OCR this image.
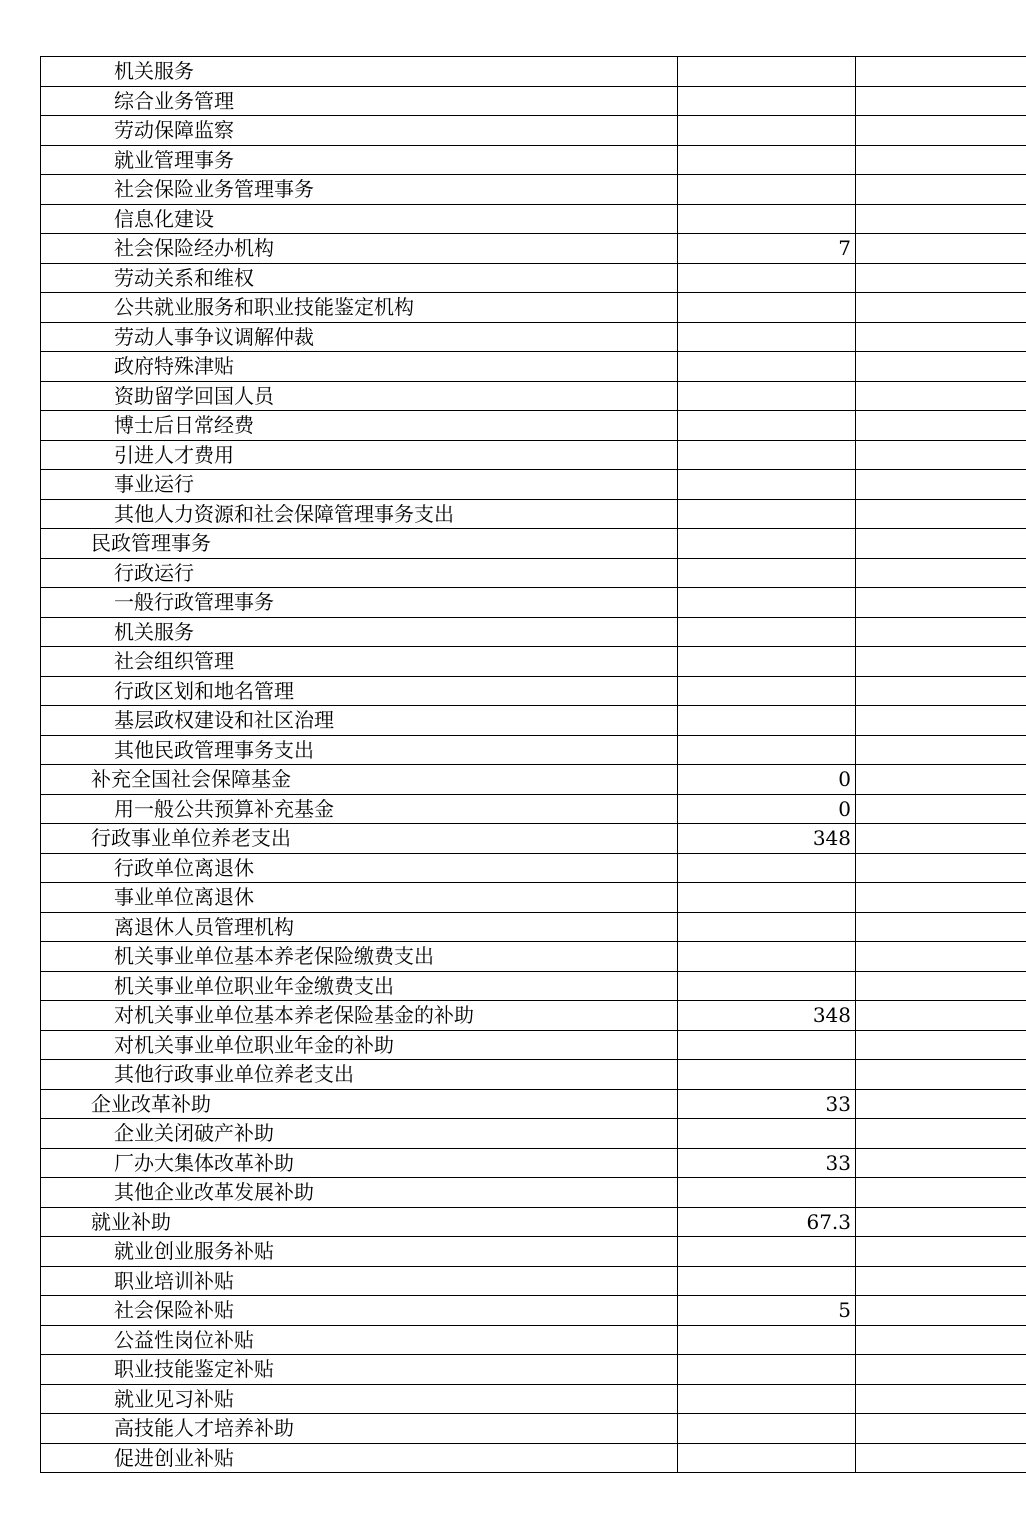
机关服务		
综合业务管理		
劳动保障监察		
就业管理事务		
社会保险业务管理事务		
信息化建设		
社会保险经办机构	7	
劳动关系和维权		
公共就业服务和职业技能鉴定机构		
劳动人事争议调解仲裁		
政府特殊津贴		
资助留学回国人员		
博士后日常经费		
引进人才费用		
事业运行		
其他人力资源和社会保障管理事务支出		
民政管理事务		
行政运行		
一般行政管理事务		
机关服务		
社会组织管理		
行政区划和地名管理		
基层政权建设和社区治理		
其他民政管理事务支出		
补充全国社会保障基金	0	
用一般公共预算补充基金	0	
行政事业单位养老支出	348	
行政单位离退休		
事业单位离退休		
离退休人员管理机构		
机关事业单位基本养老保险缴费支出		
机关事业单位职业年金缴费支出		
对机关事业单位基本养老保险基金的补助	348	
对机关事业单位职业年金的补助		
其他行政事业单位养老支出		
企业改革补助	33	
企业关闭破产补助		
厂办大集体改革补助	33	
其他企业改革发展补助		
就业补助	67.3	
就业创业服务补贴		
职业培训补贴		
社会保险补贴	5	
公益性岗位补贴		
职业技能鉴定补贴		
就业见习补贴		
高技能人才培养补助		
促进创业补贴		
